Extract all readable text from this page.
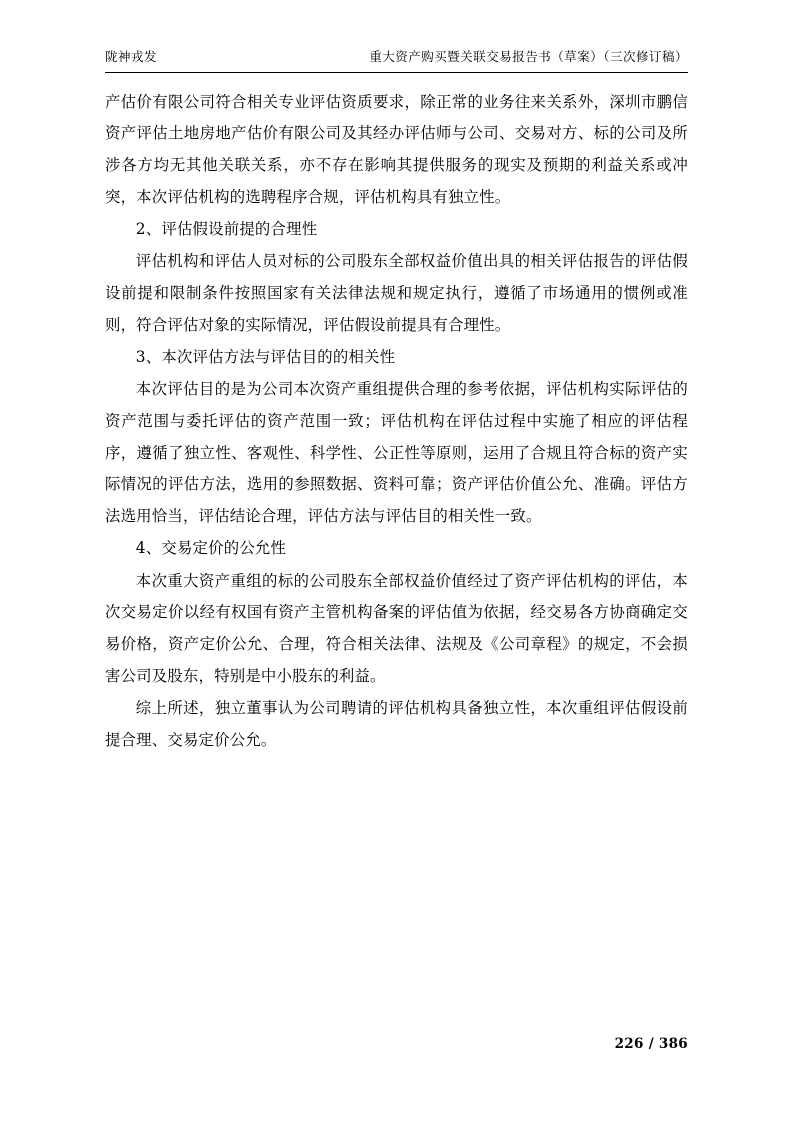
陇神戎发	重大资产购买暨关联交易报告书（草案）（三次修订稿）

产估价有限公司符合相关专业评估资质要求，除正常的业务往来关系外，深圳市鹏信资产评估土地房地产估价有限公司及其经办评估师与公司、交易对方、标的公司及所涉各方均无其他关联关系，亦不存在影响其提供服务的现实及预期的利益关系或冲突，本次评估机构的选聘程序合规，评估机构具有独立性。

2、评估假设前提的合理性

评估机构和评估人员对标的公司股东全部权益价值出具的相关评估报告的评估假设前提和限制条件按照国家有关法律法规和规定执行，遵循了市场通用的惯例或准则，符合评估对象的实际情况，评估假设前提具有合理性。

3、本次评估方法与评估目的的相关性

本次评估目的是为公司本次资产重组提供合理的参考依据，评估机构实际评估的资产范围与委托评估的资产范围一致；评估机构在评估过程中实施了相应的评估程序，遵循了独立性、客观性、科学性、公正性等原则，运用了合规且符合标的资产实际情况的评估方法，选用的参照数据、资料可靠；资产评估价值公允、准确。评估方法选用恰当，评估结论合理，评估方法与评估目的相关性一致。

4、交易定价的公允性

本次重大资产重组的标的公司股东全部权益价值经过了资产评估机构的评估，本次交易定价以经有权国有资产主管机构备案的评估值为依据，经交易各方协商确定交易价格，资产定价公允、合理，符合相关法律、法规及《公司章程》的规定，不会损害公司及股东，特别是中小股东的利益。

综上所述，独立董事认为公司聘请的评估机构具备独立性，本次重组评估假设前提合理、交易定价公允。

226 / 386
